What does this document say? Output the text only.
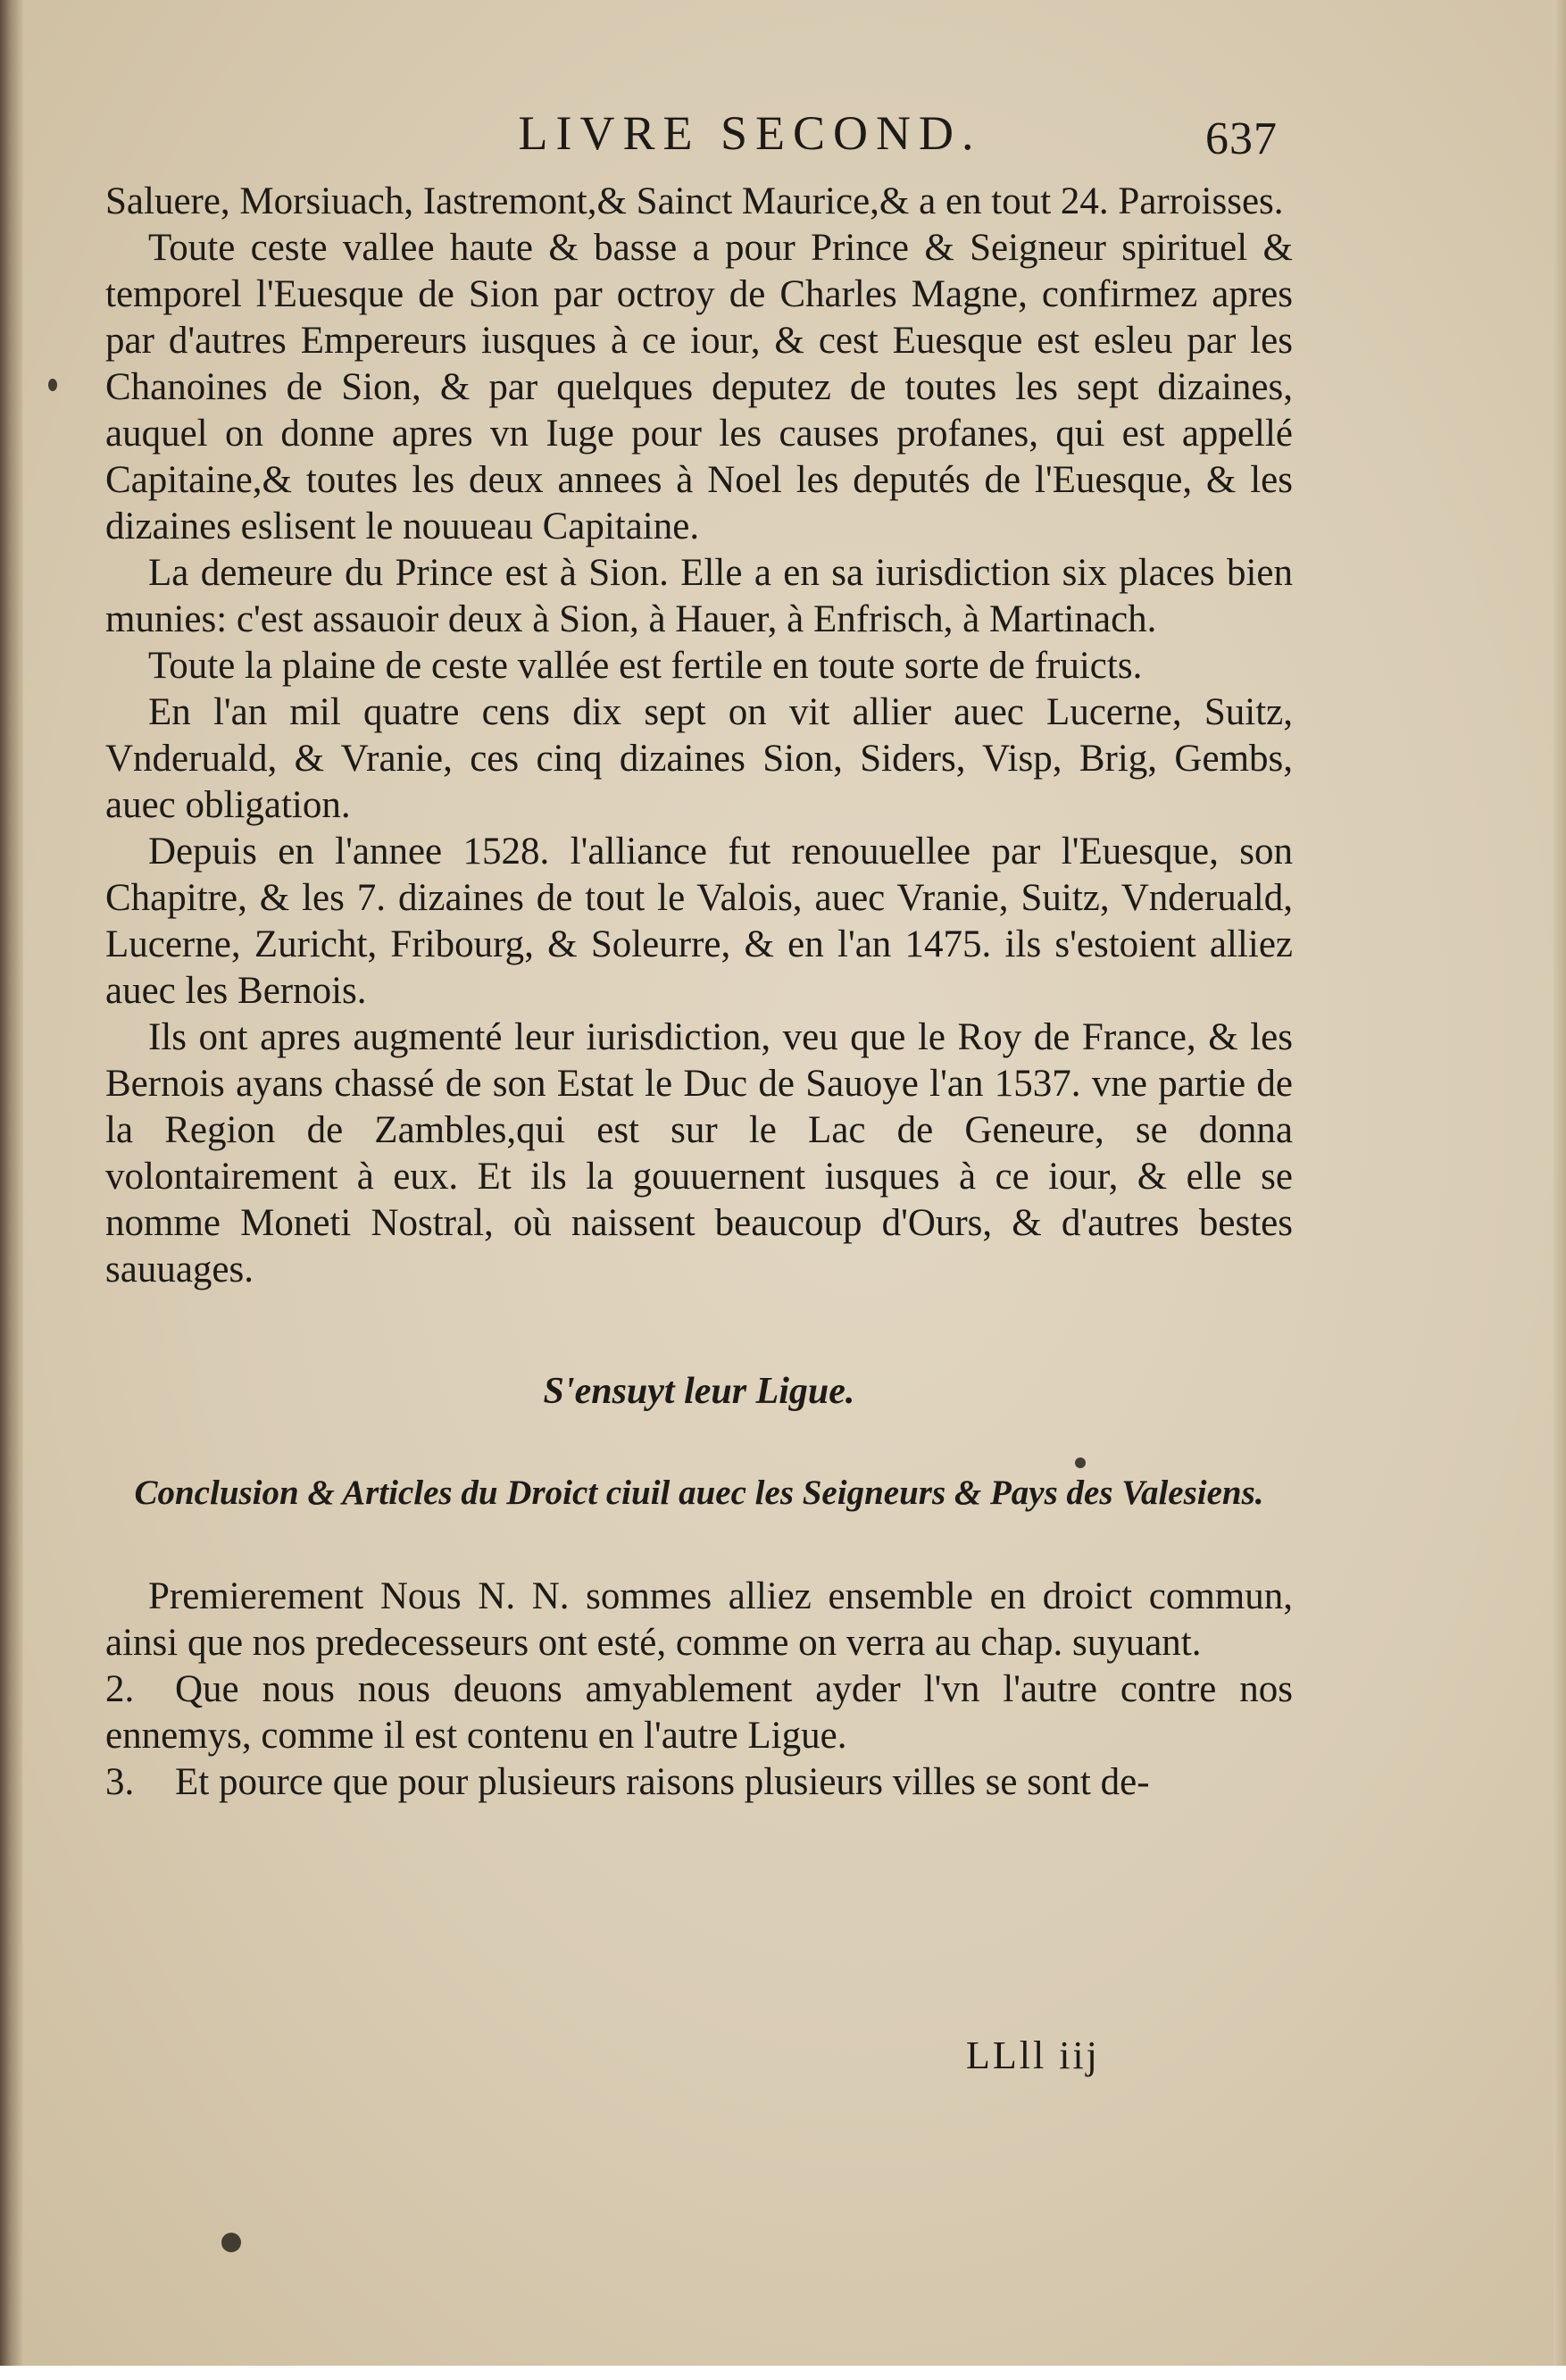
LIVRE SECOND.	637

Saluere, Morsiuach, Iastremont,& Sainct Maurice,& a en tout 24. Parroisses.

Toute ceste vallee haute & basse a pour Prince & Seigneur spirituel & temporel l'Euesque de Sion par octroy de Charles Magne, confirmez apres par d'autres Empereurs iusques à ce iour, & cest Euesque est esleu par les Chanoines de Sion, & par quelques deputez de toutes les sept dizaines, auquel on donne apres vn Iuge pour les causes profanes, qui est appellé Capitaine,& toutes les deux annees à Noel les deputés de l'Euesque, & les dizaines eslisent le nouueau Capitaine.

La demeure du Prince est à Sion. Elle a en sa iurisdiction six places bien munies: c'est assauoir deux à Sion, à Hauer, à Enfrisch, à Martinach.

Toute la plaine de ceste vallée est fertile en toute sorte de fruicts.

En l'an mil quatre cens dix sept on vit allier auec Lucerne, Suitz, Vnderuald, & Vranie, ces cinq dizaines Sion, Siders, Visp, Brig, Gembs, auec obligation.

Depuis en l'annee 1528. l'alliance fut renouuellee par l'Euesque, son Chapitre, & les 7. dizaines de tout le Valois, auec Vranie, Suitz, Vnderuald, Lucerne, Zuricht, Fribourg, & Soleurre, & en l'an 1475. ils s'estoient alliez auec les Bernois.

Ils ont apres augmenté leur iurisdiction, veu que le Roy de France, & les Bernois ayans chassé de son Estat le Duc de Sauoye l'an 1537. vne partie de la Region de Zambles,qui est sur le Lac de Geneure, se donna volontairement à eux. Et ils la gouuernent iusques à ce iour, & elle se nomme Moneti Nostral, où naissent beaucoup d'Ours, & d'autres bestes sauuages.

S'ensuyt leur Ligue.

Conclusion & Articles du Droict ciuil auec les Seigneurs & Pays des Valesiens.

Premierement Nous N. N. sommes alliez ensemble en droict commun, ainsi que nos predecesseurs ont esté, comme on verra au chap. suyuant.

2. Que nous nous deuons amyablement ayder l'vn l'autre contre nos ennemys, comme il est contenu en l'autre Ligue.

3. Et pource que pour plusieurs raisons plusieurs villes se sont de-

LLll iij
